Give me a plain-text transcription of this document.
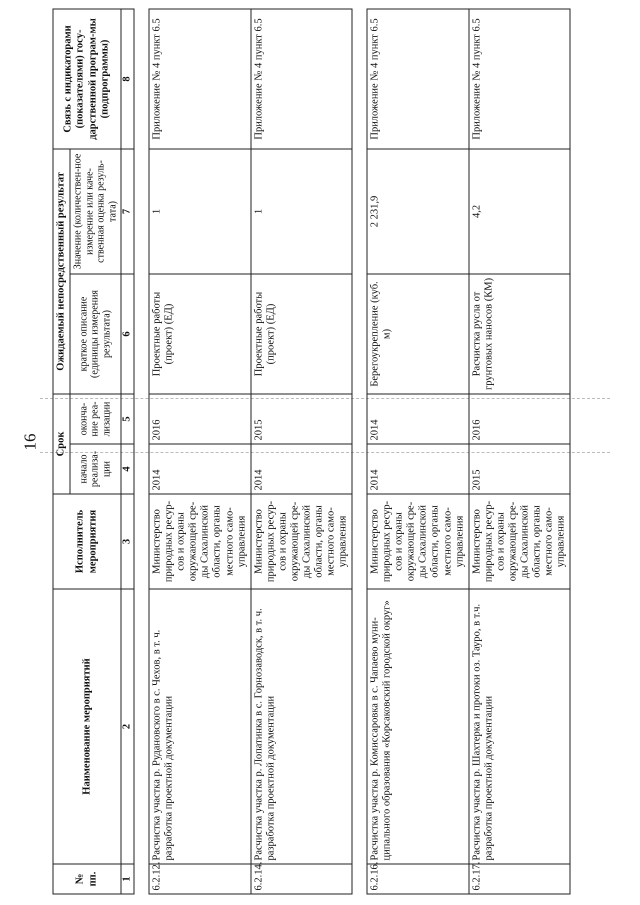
16
№ пп.	Наименование мероприятий	Исполнитель мероприятия	Срок		Ожидаемый непосредственный результат		Связь с индикаторами (показателями) госу-дарственной програм-мы (подпрограммы)
			начало реализа-ции	оконча-ние реа-лизации	краткое описание (единицы измерения результата)	Значение (количествен-ное измерение или каче-ственная оценка резуль-тата)	
1	2	3	4	5	6	7	8

6.2.12.	Расчистка участка р. Рудановского в с. Чехов, в т. ч. разработка проектной документации	Министерство природных ресур-сов и охраны окружающей сре-ды Сахалинской области, органы местного само-управления	2014	2016	Проектные работы (проект) (ЕД)	1	Приложение № 4 пункт 6.5
6.2.14.	Расчистка участка р. Лопатинка в с. Горнозаводск, в т. ч. разработка проектной документации	Министерство природных ресур-сов и охраны окружающей сре-ды Сахалинской области, органы местного само-управления	2014	2015	Проектные работы (проект) (ЕД)	1	Приложение № 4 пункт 6.5

6.2.16.	Расчистка участка р. Комиссаровка в с. Чапаево муни-ципального образования «Корсаковский городской округ»	Министерство природных ресур-сов и охраны окружающей сре-ды Сахалинской области, органы местного само-управления	2014	2014	Берегоукрепление (куб. м)	2 231,9	Приложение № 4 пункт 6.5
6.2.17.	Расчистка участка р. Шахтерка и протоки оз. Тауро, в т.ч. разработка проектной документации	Министерство природных ресур-сов и охраны окружающей сре-ды Сахалинской области, органы местного само-управления	2015	2016	Расчистка русла от грунтовых наносов (КМ)	4,2	Приложение № 4 пункт 6.5
